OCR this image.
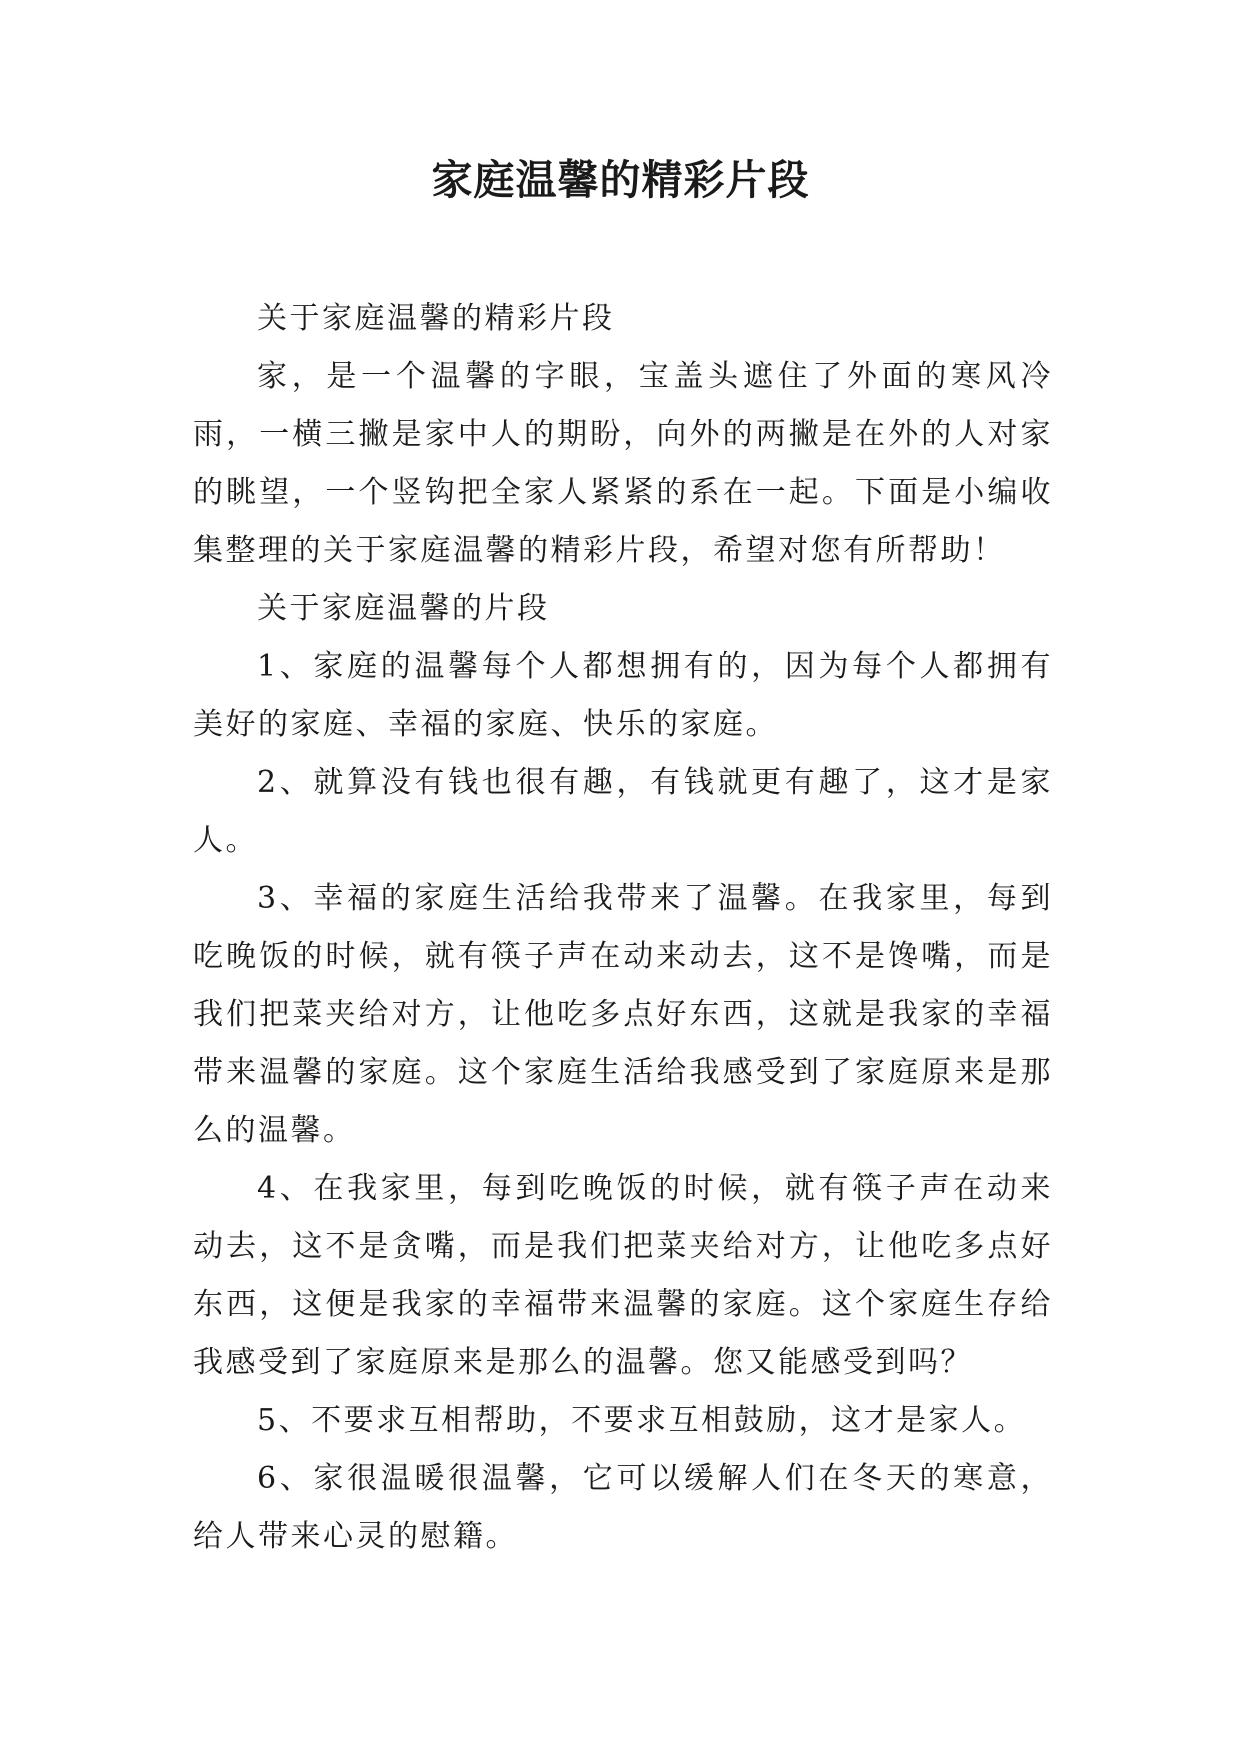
家庭温馨的精彩片段

关于家庭温馨的精彩片段

家，是一个温馨的字眼，宝盖头遮住了外面的寒风冷雨，一横三撇是家中人的期盼，向外的两撇是在外的人对家的眺望，一个竖钩把全家人紧紧的系在一起。下面是小编收集整理的关于家庭温馨的精彩片段，希望对您有所帮助！

关于家庭温馨的片段

1、家庭的温馨每个人都想拥有的，因为每个人都拥有美好的家庭、幸福的家庭、快乐的家庭。

2、就算没有钱也很有趣，有钱就更有趣了，这才是家人。

3、幸福的家庭生活给我带来了温馨。在我家里，每到吃晚饭的时候，就有筷子声在动来动去，这不是馋嘴，而是我们把菜夹给对方，让他吃多点好东西，这就是我家的幸福带来温馨的家庭。这个家庭生活给我感受到了家庭原来是那么的温馨。

4、在我家里，每到吃晚饭的时候，就有筷子声在动来动去，这不是贪嘴，而是我们把菜夹给对方，让他吃多点好东西，这便是我家的幸福带来温馨的家庭。这个家庭生存给我感受到了家庭原来是那么的温馨。您又能感受到吗？

5、不要求互相帮助，不要求互相鼓励，这才是家人。

6、家很温暖很温馨，它可以缓解人们在冬天的寒意，给人带来心灵的慰籍。
